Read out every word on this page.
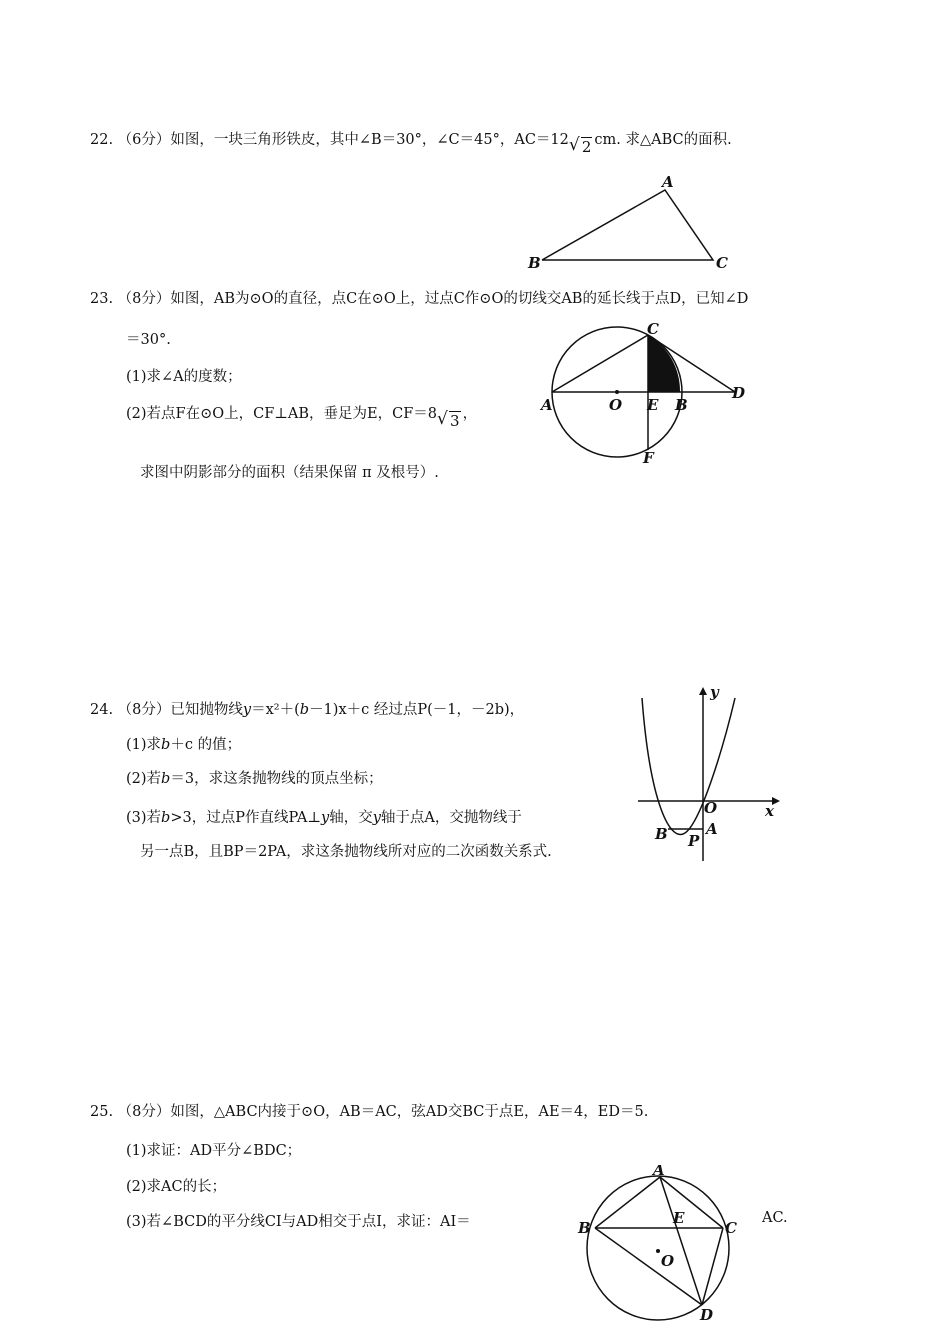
22. （6分）如图，一块三角形铁皮，其中∠B＝30°，∠C＝45°，AC＝12 √ 2 cm. 求△ABC的面积.
A
B	C
23. （8分）如图，AB为⊙O的直径，点C在⊙O上，过点C作⊙O的切线交AB的延长线于点D，已知∠D
＝30°.
(1)求∠A的度数；
(2)若点F在⊙O上，CF⊥AB，垂足为E，CF＝8 √ 3 ，
求图中阴影部分的面积（结果保留 π 及根号）.
A	O E B
C
D
F
24. （8分）已知抛物线y＝x²＋(b－1)x＋c 经过点P(－1，－2b)，
(1)求b＋c 的值；
(2)若b＝3，求这条抛物线的顶点坐标；
(3)若b>3，过点P作直线PA⊥y轴，交y轴于点A，交抛物线于
另一点B，且BP＝2PA，求这条抛物线所对应的二次函数关系式.
y
x
O
B P
A
25. （8分）如图，△ABC内接于⊙O，AB＝AC，弦AD交BC于点E，AE＝4，ED＝5.
(1)求证：AD平分∠BDC；
(2)求AC的长；
(3)若∠BCD的平分线CI与AD相交于点I，求证：AI＝	AC.
A
B	C
E
O
D
